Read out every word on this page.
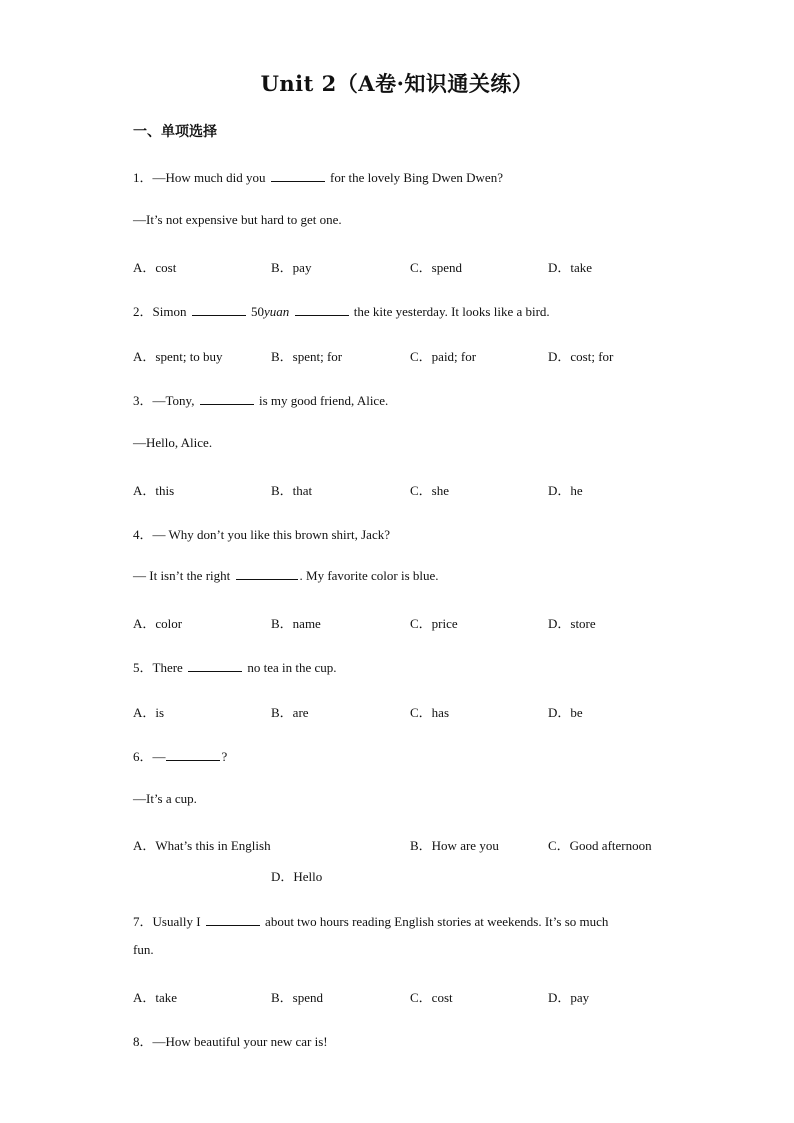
Unit 2（A卷·知识通关练）
一、单项选择
1．—How much did you	for the lovely Bing Dwen Dwen?
—It’s not expensive but hard to get one.
A．cost	B．pay	C．spend	D．take
2．Simon	50yuan	the kite yesterday. It looks like a bird.
A．spent; to buy	B．spent; for	C．paid; for	D．cost; for
3．—Tony,	is my good friend, Alice.
—Hello, Alice.
A．this	B．that	C．she	D．he
4．— Why don’t you like this brown shirt, Jack?
— It isn’t the right	. My favorite color is blue.
A．color	B．name	C．price	D．store
5．There	no tea in the cup.
A．is	B．are	C．has	D．be
6．—	?
—It’s a cup.
A．What’s this in English	B．How are you	C．Good afternoon
D．Hello
7．Usually I	about two hours reading English stories at weekends. It’s so much
fun.
A．take	B．spend	C．cost	D．pay
8．—How beautiful your new car is!
